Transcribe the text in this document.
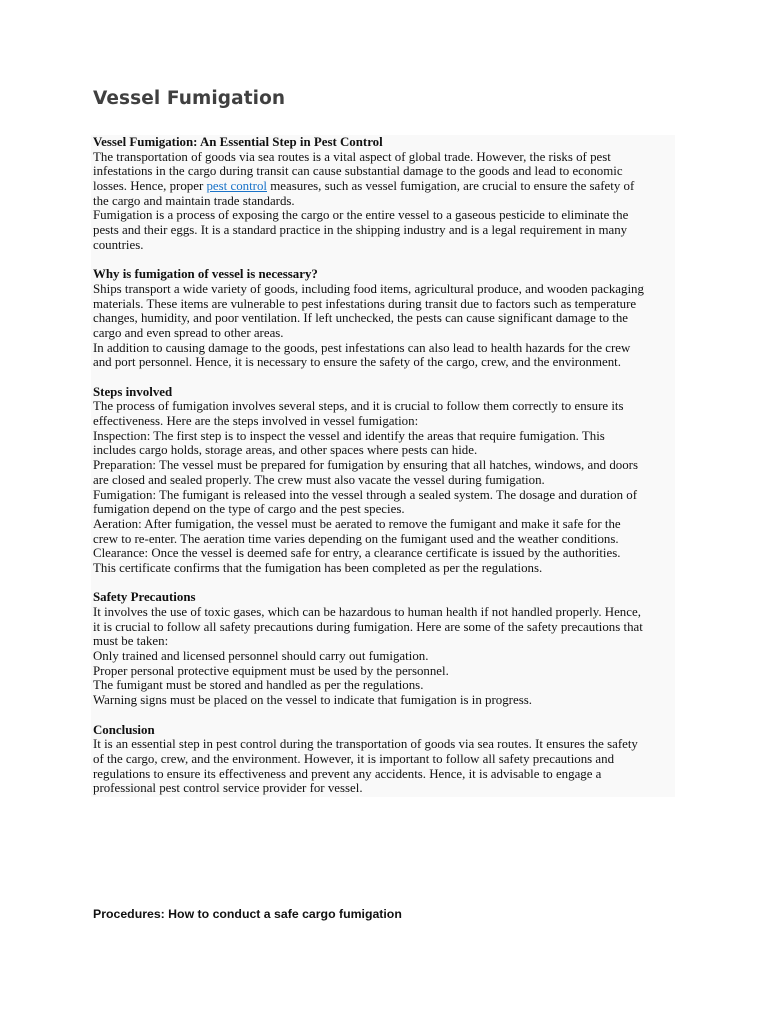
Vessel Fumigation
Vessel Fumigation: An Essential Step in Pest Control
The transportation of goods via sea routes is a vital aspect of global trade. However, the risks of pest
infestations in the cargo during transit can cause substantial damage to the goods and lead to economic
losses. Hence, proper pest control measures, such as vessel fumigation, are crucial to ensure the safety of
the cargo and maintain trade standards.
Fumigation is a process of exposing the cargo or the entire vessel to a gaseous pesticide to eliminate the
pests and their eggs. It is a standard practice in the shipping industry and is a legal requirement in many
countries.
Why is fumigation of vessel is necessary?
Ships transport a wide variety of goods, including food items, agricultural produce, and wooden packaging
materials. These items are vulnerable to pest infestations during transit due to factors such as temperature
changes, humidity, and poor ventilation. If left unchecked, the pests can cause significant damage to the
cargo and even spread to other areas.
In addition to causing damage to the goods, pest infestations can also lead to health hazards for the crew
and port personnel. Hence, it is necessary to ensure the safety of the cargo, crew, and the environment.
Steps involved
The process of fumigation involves several steps, and it is crucial to follow them correctly to ensure its
effectiveness. Here are the steps involved in vessel fumigation:
Inspection: The first step is to inspect the vessel and identify the areas that require fumigation. This
includes cargo holds, storage areas, and other spaces where pests can hide.
Preparation: The vessel must be prepared for fumigation by ensuring that all hatches, windows, and doors
are closed and sealed properly. The crew must also vacate the vessel during fumigation.
Fumigation: The fumigant is released into the vessel through a sealed system. The dosage and duration of
fumigation depend on the type of cargo and the pest species.
Aeration: After fumigation, the vessel must be aerated to remove the fumigant and make it safe for the
crew to re-enter. The aeration time varies depending on the fumigant used and the weather conditions.
Clearance: Once the vessel is deemed safe for entry, a clearance certificate is issued by the authorities.
This certificate confirms that the fumigation has been completed as per the regulations.
Safety Precautions
It involves the use of toxic gases, which can be hazardous to human health if not handled properly. Hence,
it is crucial to follow all safety precautions during fumigation. Here are some of the safety precautions that
must be taken:
Only trained and licensed personnel should carry out fumigation.
Proper personal protective equipment must be used by the personnel.
The fumigant must be stored and handled as per the regulations.
Warning signs must be placed on the vessel to indicate that fumigation is in progress.
Conclusion
It is an essential step in pest control during the transportation of goods via sea routes. It ensures the safety
of the cargo, crew, and the environment. However, it is important to follow all safety precautions and
regulations to ensure its effectiveness and prevent any accidents. Hence, it is advisable to engage a
professional pest control service provider for vessel.
Procedures: How to conduct a safe cargo fumigation
